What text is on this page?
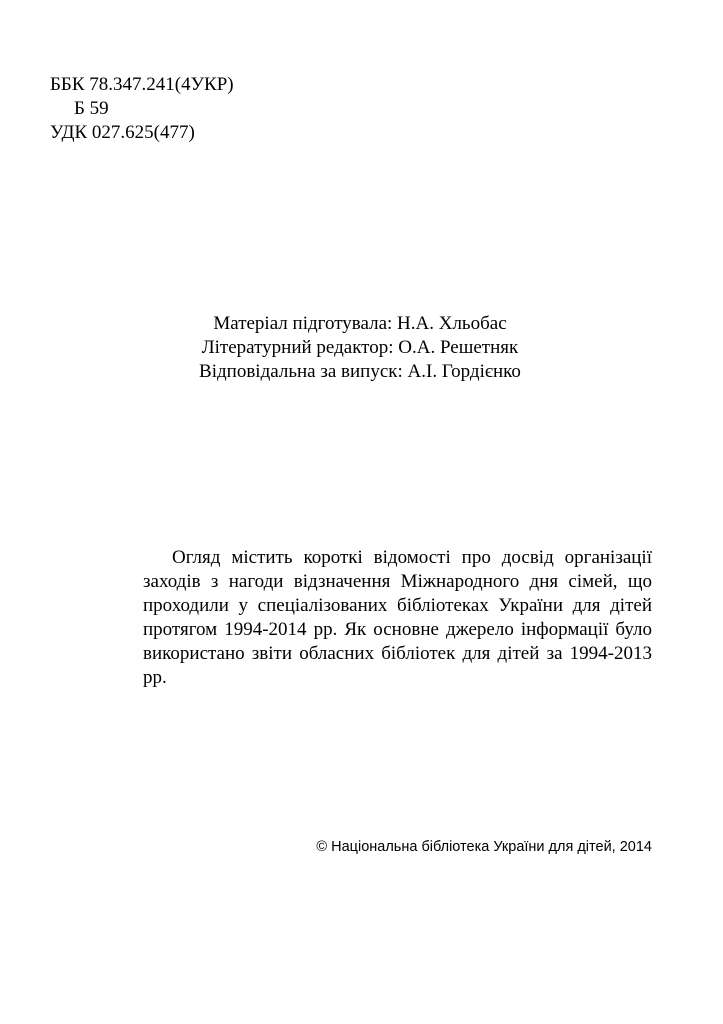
ББК 78.347.241(4УКР)
Б 59
УДК 027.625(477)
Матеріал підготувала: Н.А. Хльобас
Літературний редактор: О.А. Решетняк
Відповідальна за випуск: А.І. Гордієнко

Огляд містить короткі відомості про досвід організації заходів з нагоди відзначення Міжнародного дня сімей, що проходили у спеціалізованих бібліотеках України для дітей протягом 1994-2014 рр. Як основне джерело інформації було використано звіти обласних бібліотек для дітей за 1994-2013 рр.

© Національна бібліотека України для дітей, 2014
